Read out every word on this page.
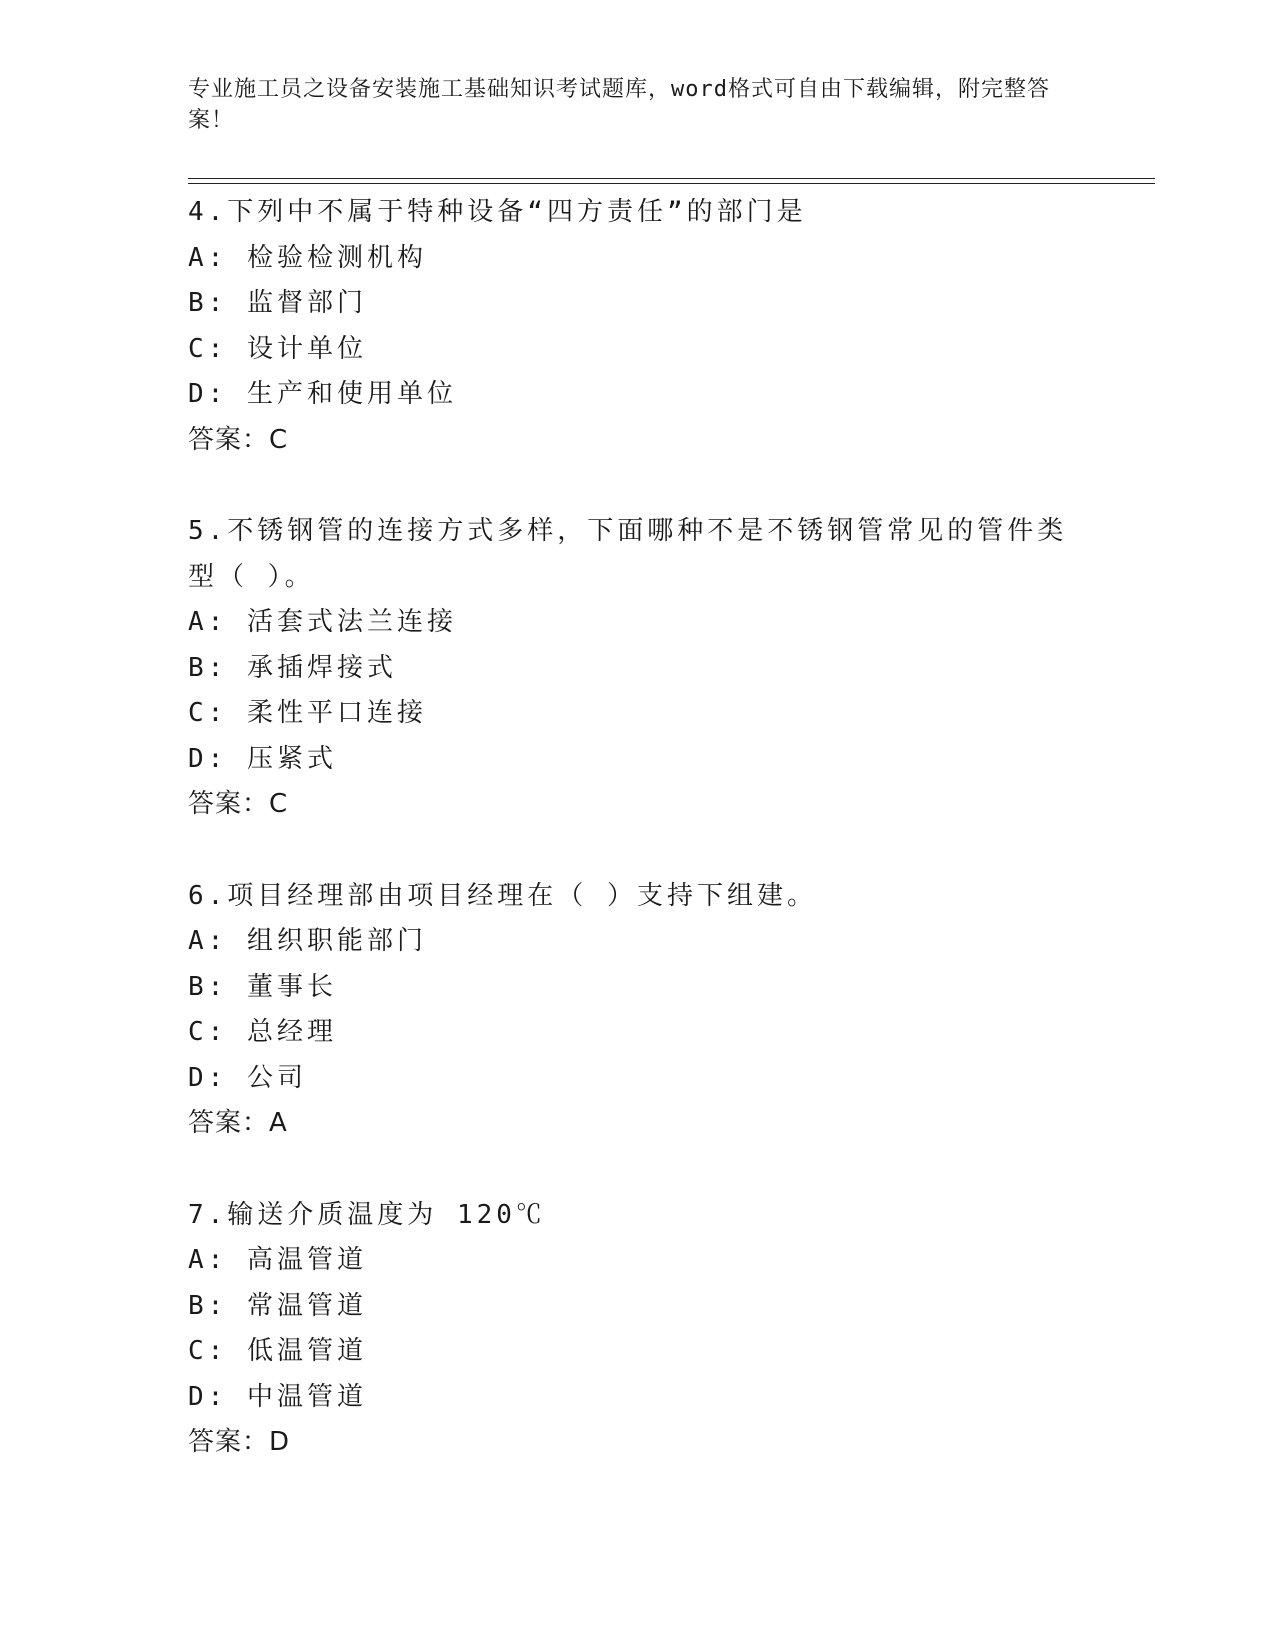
专业施工员之设备安装施工基础知识考试题库，word格式可自由下载编辑，附完整答案！
4.下列中不属于特种设备“四方责任”的部门是
A: 检验检测机构
B: 监督部门
C: 设计单位
D: 生产和使用单位
答案：C
5.不锈钢管的连接方式多样，下面哪种不是不锈钢管常见的管件类型（ ）。
A: 活套式法兰连接
B: 承插焊接式
C: 柔性平口连接
D: 压紧式
答案：C
6.项目经理部由项目经理在（ ）支持下组建。
A: 组织职能部门
B: 董事长
C: 总经理
D: 公司
答案：A
7.输送介质温度为 120℃
A: 高温管道
B: 常温管道
C: 低温管道
D: 中温管道
答案：D
